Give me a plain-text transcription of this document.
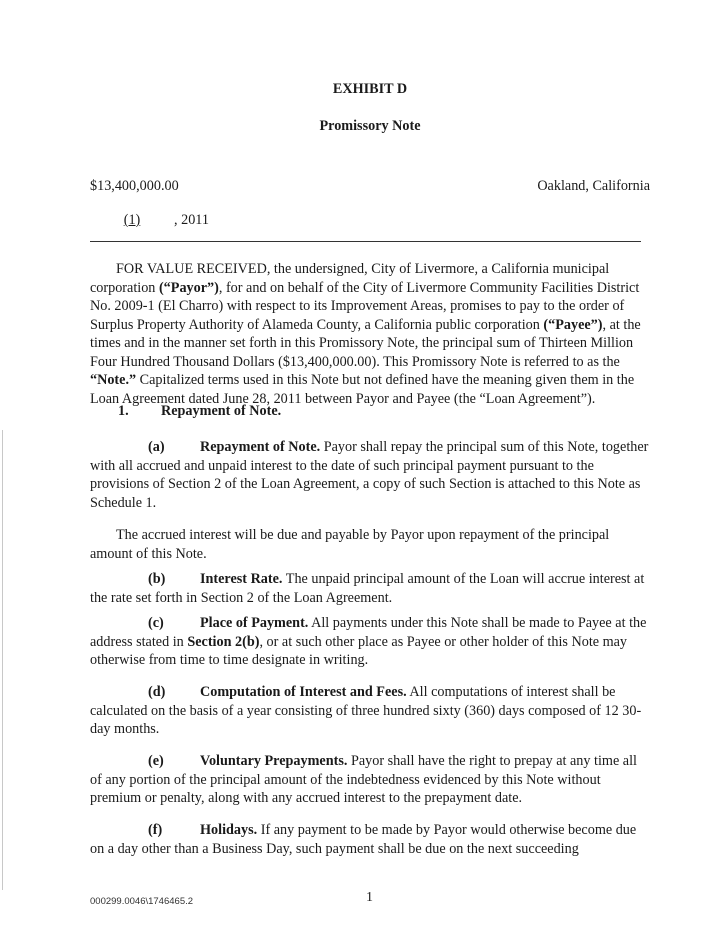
EXHIBIT D
Promissory Note
$13,400,000.00	Oakland, California
(1) , 2011

FOR VALUE RECEIVED, the undersigned, City of Livermore, a California municipal corporation (“Payor”), for and on behalf of the City of Livermore Community Facilities District No. 2009-1 (El Charro) with respect to its Improvement Areas, promises to pay to the order of Surplus Property Authority of Alameda County, a California public corporation (“Payee”), at the times and in the manner set forth in this Promissory Note, the principal sum of Thirteen Million Four Hundred Thousand Dollars ($13,400,000.00). This Promissory Note is referred to as the “Note.” Capitalized terms used in this Note but not defined have the meaning given them in the Loan Agreement dated June 28, 2011 between Payor and Payee (the “Loan Agreement”).

1. Repayment of Note.

(a) Repayment of Note. Payor shall repay the principal sum of this Note, together with all accrued and unpaid interest to the date of such principal payment pursuant to the provisions of Section 2 of the Loan Agreement, a copy of such Section is attached to this Note as Schedule 1.

The accrued interest will be due and payable by Payor upon repayment of the principal amount of this Note.

(b) Interest Rate. The unpaid principal amount of the Loan will accrue interest at the rate set forth in Section 2 of the Loan Agreement.

(c)	Place of Payment. All payments under this Note shall be made to Payee at the address stated in Section 2(b), or at such other place as Payee or other holder of this Note may otherwise from time to time designate in writing.

(d) Computation of Interest and Fees. All computations of interest shall be calculated on the basis of a year consisting of three hundred sixty (360) days composed of 12 30-day months.

(e)	Voluntary Prepayments. Payor shall have the right to prepay at any time all of any portion of the principal amount of the indebtedness evidenced by this Note without premium or penalty, along with any accrued interest to the prepayment date.

(f)	Holidays. If any payment to be made by Payor would otherwise become due on a day other than a Business Day, such payment shall be due on the next succeeding

000299.0046\1746465.2	1
